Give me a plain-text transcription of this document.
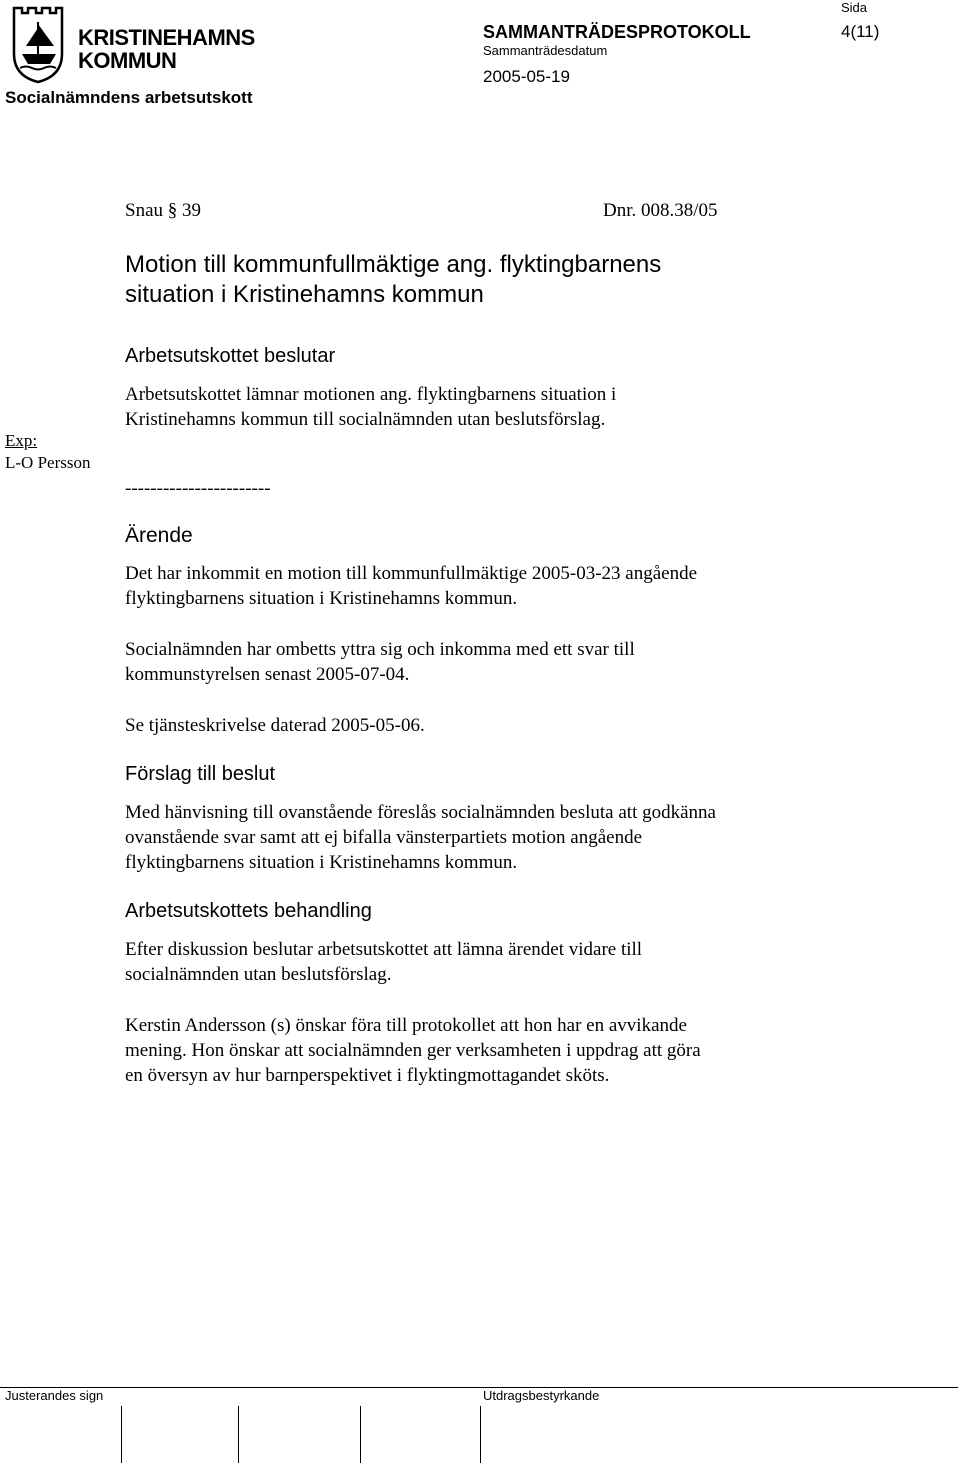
KRISTINEHAMNS
KOMMUN
Socialnämndens arbetsutskott
SAMMANTRÄDESPROTOKOLL
Sammanträdesdatum
2005-05-19
Sida
4(11)
Snau § 39	Dnr. 008.38/05
Motion till kommunfullmäktige ang. flyktingbarnens
situation i Kristinehamns kommun
Exp:
L-O Persson
Arbetsutskottet beslutar
Arbetsutskottet lämnar motionen ang. flyktingbarnens situation i
Kristinehamns kommun till socialnämnden utan beslutsförslag.
-----------------------
Ärende
Det har inkommit en motion till kommunfullmäktige 2005-03-23 angående
flyktingbarnens situation i Kristinehamns kommun.
Socialnämnden har ombetts yttra sig och inkomma med ett svar till
kommunstyrelsen senast 2005-07-04.
Se tjänsteskrivelse daterad 2005-05-06.
Förslag till beslut
Med hänvisning till ovanstående föreslås socialnämnden besluta att godkänna
ovanstående svar samt att ej bifalla vänsterpartiets motion angående
flyktingbarnens situation i Kristinehamns kommun.
Arbetsutskottets behandling
Efter diskussion beslutar arbetsutskottet att lämna ärendet vidare till
socialnämnden utan beslutsförslag.
Kerstin Andersson (s) önskar föra till protokollet att hon har en avvikande
mening. Hon önskar att socialnämnden ger verksamheten i uppdrag att göra
en översyn av hur barnperspektivet i flyktingmottagandet sköts.
Justerandes sign	Utdragsbestyrkande
